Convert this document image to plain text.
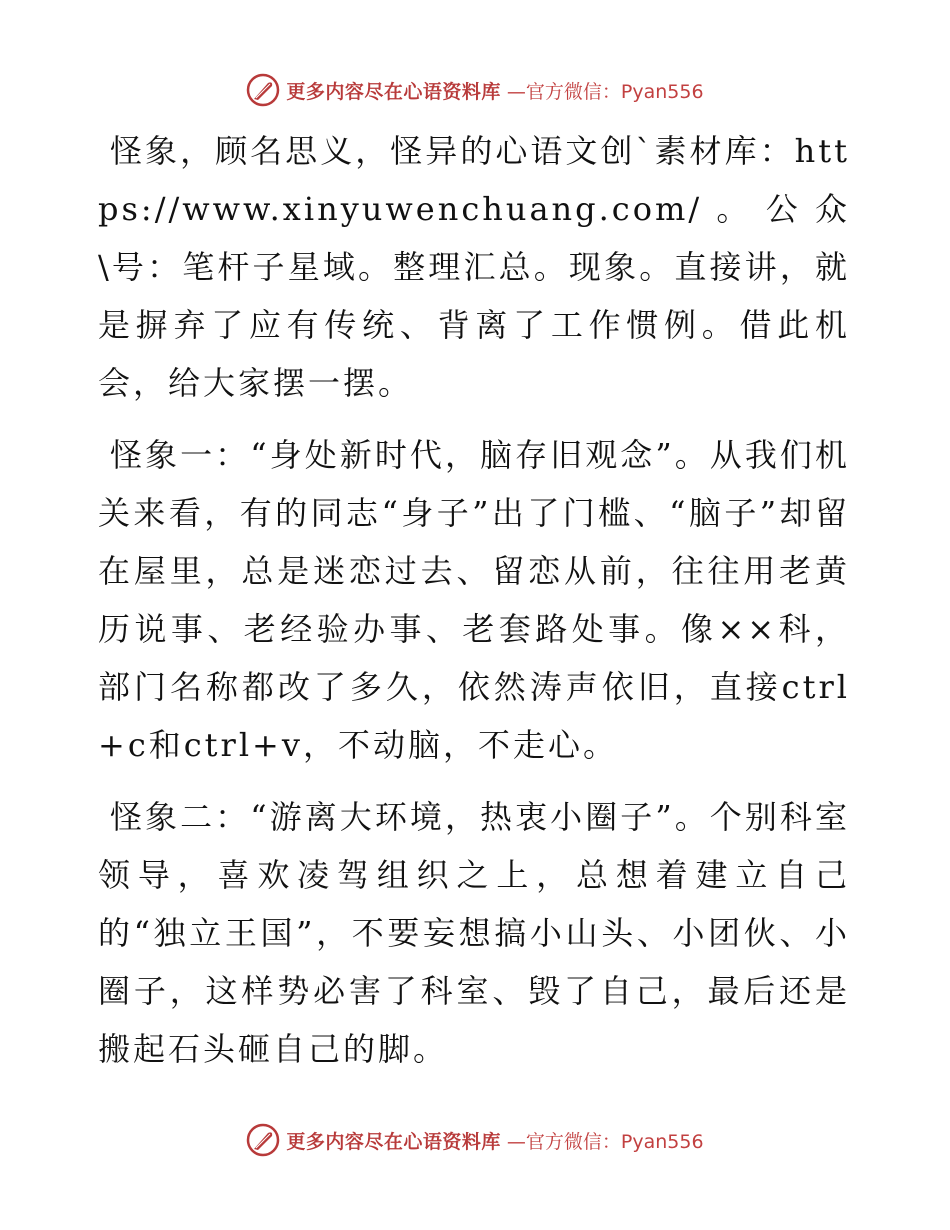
更多内容尽在心语资料库 —官方微信：Pyan556

怪象，顾名思义，怪异的心语文创`素材库：https://www.xinyuwenchuang.com/。公众\号：笔杆子星域。整理汇总。现象。直接讲，就是摒弃了应有传统、背离了工作惯例。借此机会，给大家摆一摆。

怪象一：“身处新时代，脑存旧观念”。从我们机关来看，有的同志“身子”出了门槛、“脑子”却留在屋里，总是迷恋过去、留恋从前，往往用老黄历说事、老经验办事、老套路处事。像××科，部门名称都改了多久，依然涛声依旧，直接ctrl+c和ctrl+v，不动脑，不走心。

怪象二：“游离大环境，热衷小圈子”。个别科室领导，喜欢凌驾组织之上，总想着建立自己的“独立王国”，不要妄想搞小山头、小团伙、小圈子，这样势必害了科室、毁了自己，最后还是搬起石头砸自己的脚。

更多内容尽在心语资料库 —官方微信：Pyan556
